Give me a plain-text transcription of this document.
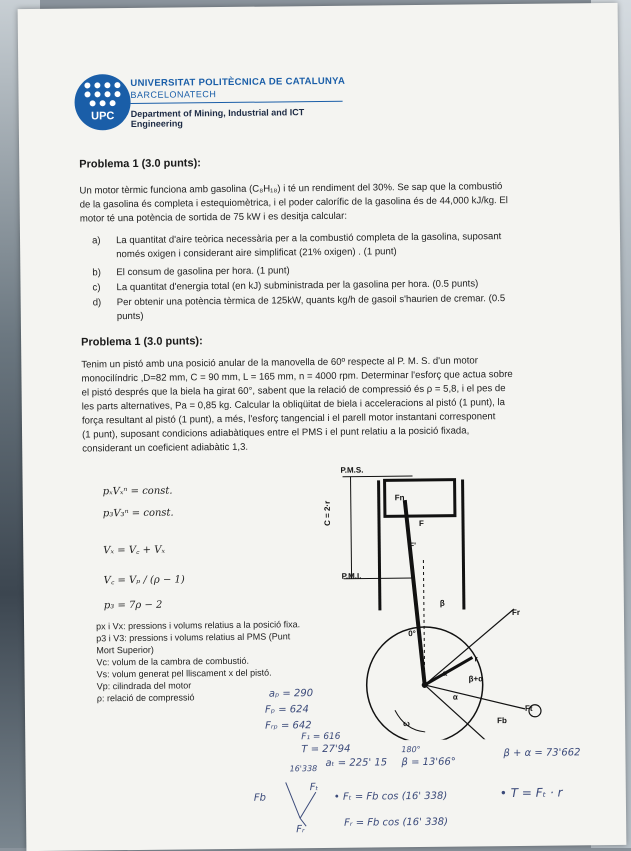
UPC
UNIVERSITAT POLITÈCNICA DE CATALUNYA
BARCELONATECH
Department of Mining, Industrial and ICT
Engineering
Problema 1 (3.0 punts):
Un motor tèrmic funciona amb gasolina (C₈H₁₈) i té un rendiment del 30%. Se sap que la combustió
de la gasolina és completa i estequiomètrica, i el poder calorífic de la gasolina és de 44,000 kJ/kg. El
motor té una potència de sortida de 75 kW i es desitja calcular:
a) La quantitat d'aire teòrica necessària per a la combustió completa de la gasolina, suposant
només oxigen i considerant aire simplificat (21% oxigen) . (1 punt)
b) El consum de gasolina per hora. (1 punt)
c) La quantitat d'energia total (en kJ) subministrada per la gasolina per hora. (0.5 punts)
d) Per obtenir una potència tèrmica de 125kW, quants kg/h de gasoil s'haurien de cremar. (0.5
punts)
Problema 1 (3.0 punts):
Tenim un pistó amb una posició anular de la manovella de 60º respecte al P. M. S. d'un motor
monocilíndric ,D=82 mm, C = 90 mm, L = 165 mm, n = 4000 rpm. Determinar l'esforç que actua sobre
el pistó després que la biela ha girat 60°, sabent que la relació de compressió és ρ = 5,8, i el pes de
les parts alternatives, Pa = 0,85 kg. Calcular la obliqüitat de biela i acceleracions al pistó (1 punt), la
força resultant al pistó (1 punt), a més, l'esforç tangencial i el parell motor instantani corresponent
(1 punt), suposant condicions adiabàtiques entre el PMS i el punt relatiu a la posició fixada,
considerant un coeficient adiabàtic 1,3.
pₓVₓⁿ = const.
p₃V₃ⁿ = const.
Vₓ = V꜀ + Vₓ
V꜀ = Vₚ / (ρ − 1)
p₃ = 7ρ − 2
px i Vx: pressions i volums relatius a la posició fixa.
p3 i V3: pressions i volums relatius al PMS (Punt
Mort Superior)
Vc: volum de la cambra de combustió.
Vs: volum generat pel lliscament x del pistó.
Vp: cilindrada del motor
ρ: relació de compressió
P.M.S.
P.M.I.
C = 2·r
Fn
F
F'
β
0°
Fr
β+α
α
Fb
Ft
r
a
ω
aₚ = 290
Fₚ = 624
Fᵣₚ = 642
F₁ = 616
T = 27'94
aₜ = 225' 15 β = 13'66°
β + α = 73'662
180°
16'338
Fb
Fₜ
Fᵣ
• Fₜ = Fb cos (16' 338)	• T = Fₜ · r
Fᵣ = Fb cos (16' 338)
